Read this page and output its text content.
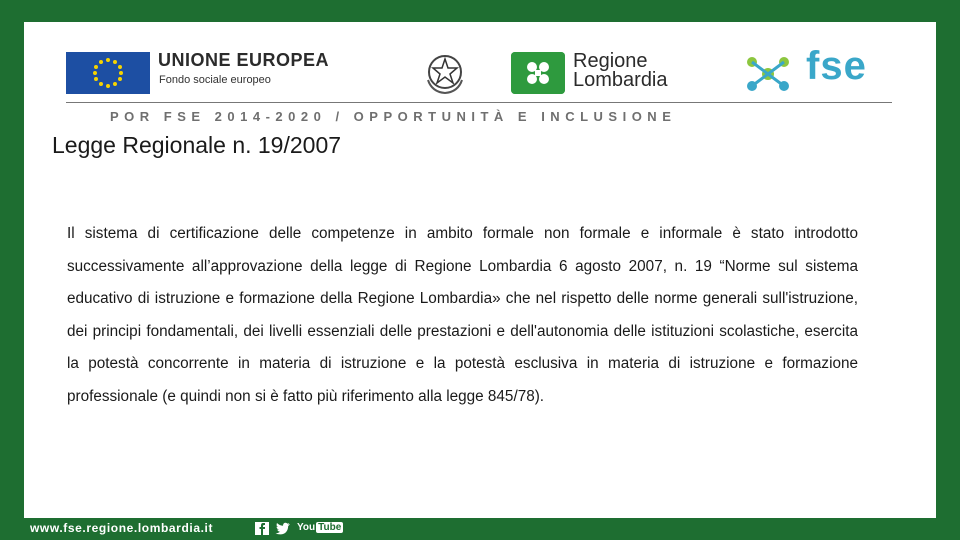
UNIONE EUROPEA
Fondo sociale europeo
Regione
Lombardia	fse
POR FSE 2014-2020 / OPPORTUNITÀ E INCLUSIONE
Legge Regionale n. 19/2007
Il sistema di certificazione delle competenze in ambito formale non formale e informale è stato introdotto successivamente all’approvazione della legge di Regione Lombardia 6 agosto 2007, n. 19 “Norme sul sistema educativo di istruzione e formazione della Regione Lombardia» che nel rispetto delle norme generali sull'istruzione, dei principi fondamentali, dei livelli essenziali delle prestazioni e dell'autonomia delle istituzioni scolastiche, esercita la potestà concorrente in materia di istruzione e la potestà esclusiva in materia di istruzione e formazione professionale (e quindi non si è fatto più riferimento alla legge 845/78).
www.fse.regione.lombardia.it	You Tube
